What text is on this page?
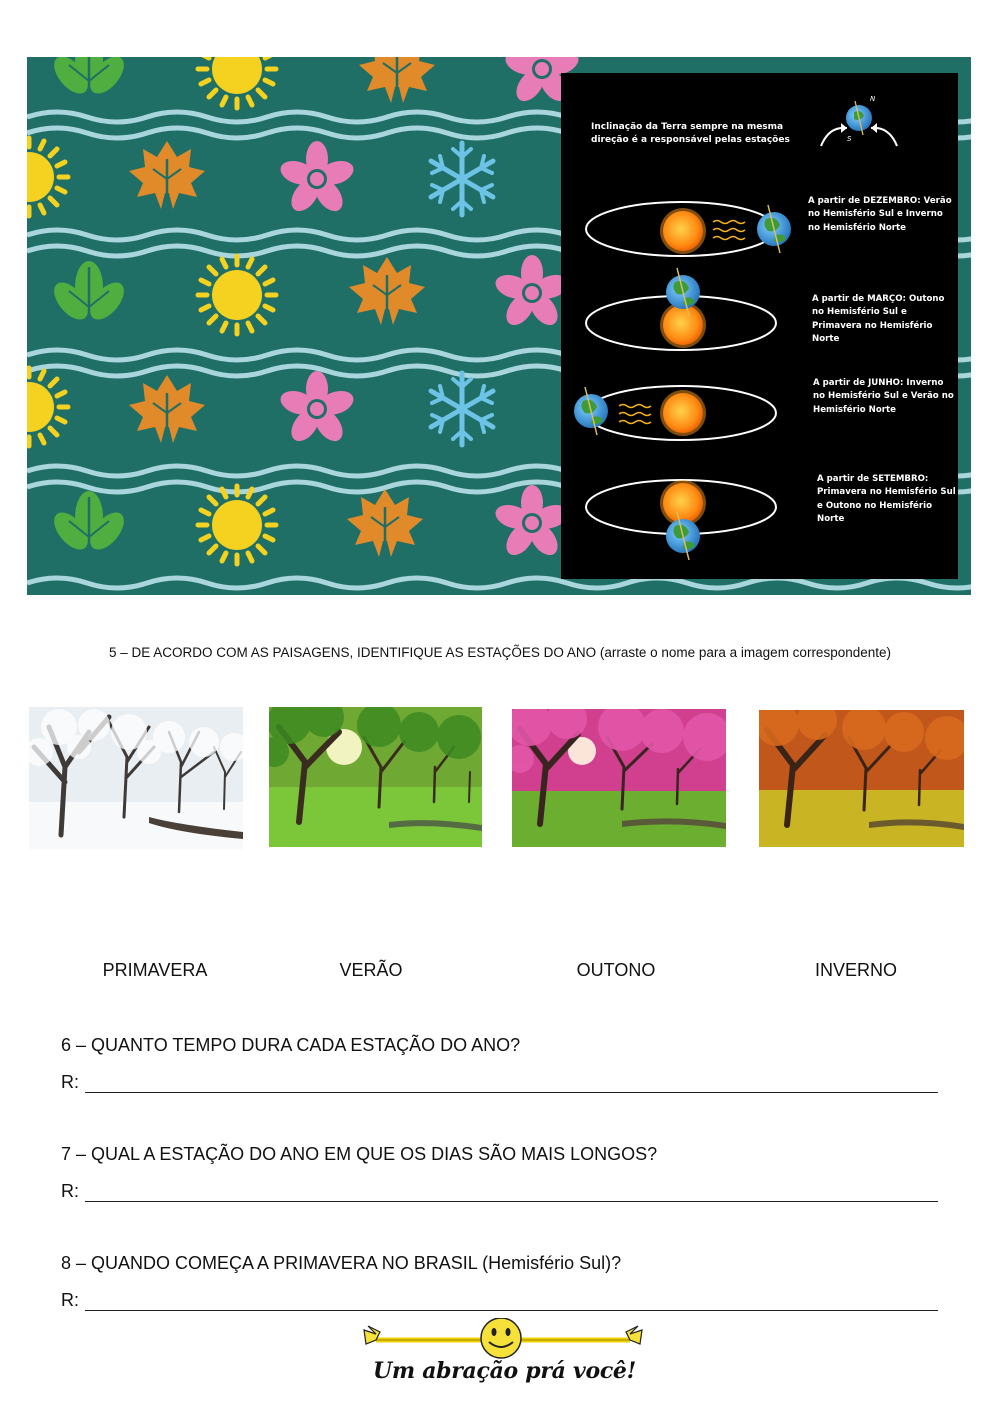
N
S
Inclinação da Terra sempre na mesma direção é a responsável pelas estações
A partir de DEZEMBRO: Verão no Hemisfério Sul e Inverno no Hemisfério Norte
A partir de MARÇO: Outono no Hemisfério Sul e Primavera no Hemisfério Norte
A partir de JUNHO: Inverno no Hemisfério Sul e Verão no Hemisfério Norte
A partir de SETEMBRO: Primavera no Hemisfério Sul e Outono no Hemisfério Norte
5 – DE ACORDO COM AS PAISAGENS, IDENTIFIQUE AS ESTAÇÕES DO ANO (arraste o nome para a imagem correspondente)
PRIMAVERA	VERÃO	OUTONO	INVERNO
6 – QUANTO TEMPO DURA CADA ESTAÇÃO DO ANO?
R:
7 – QUAL A ESTAÇÃO DO ANO EM QUE OS DIAS SÃO MAIS LONGOS?
R:
8 – QUANDO COMEÇA A PRIMAVERA NO BRASIL (Hemisfério Sul)?
R:
Um abração prá você!
